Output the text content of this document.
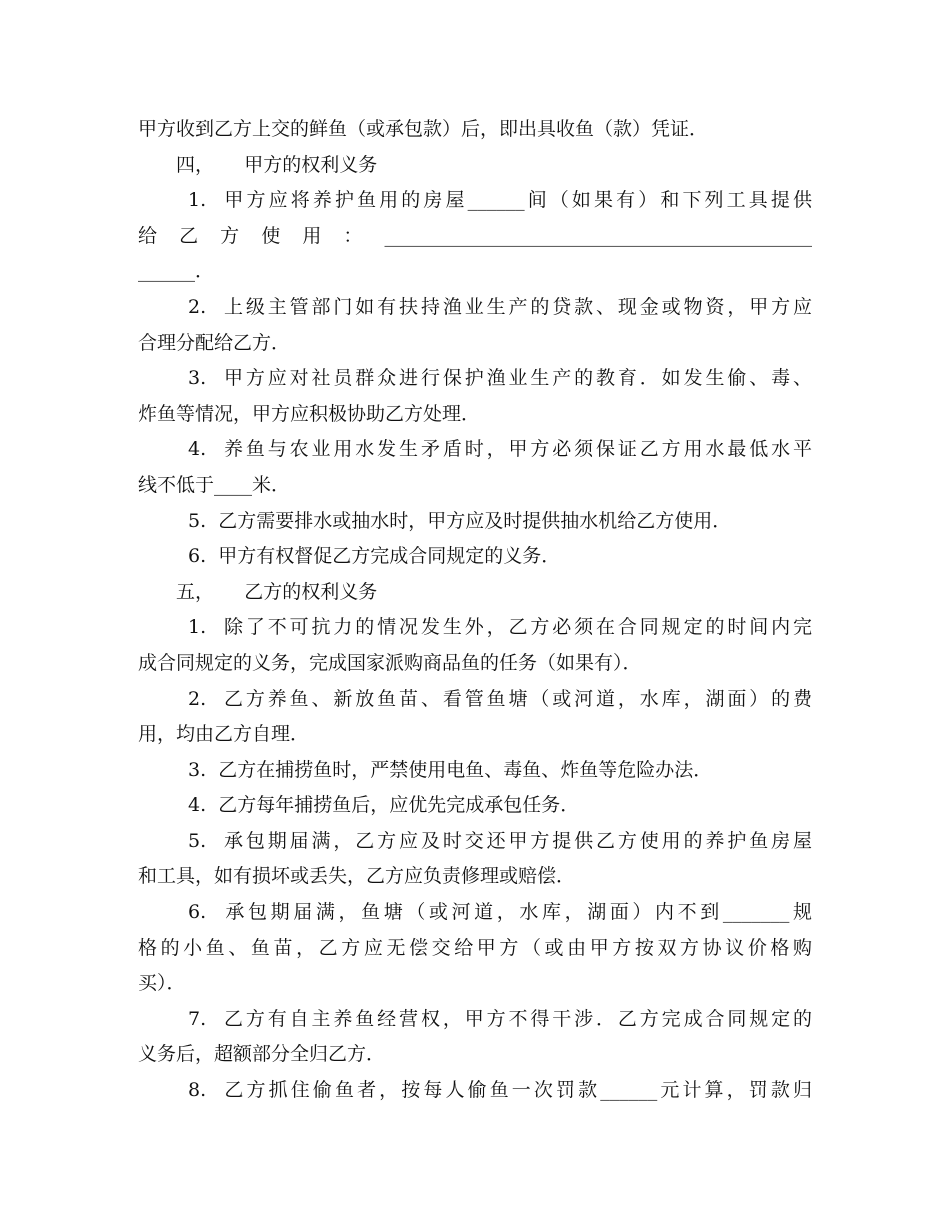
甲方收到乙方上交的鲜鱼（或承包款）后，即出具收鱼（款）凭证．
四，     甲方的权利义务
1.  甲方应将养护鱼用的房屋______间（如果有）和下列工具提供
给乙方使用：_____________________________________________
______．
2.  上级主管部门如有扶持渔业生产的贷款、现金或物资，甲方应
合理分配给乙方．
3.  甲方应对社员群众进行保护渔业生产的教育．如发生偷、毒、
炸鱼等情况，甲方应积极协助乙方处理．
4.  养鱼与农业用水发生矛盾时，甲方必须保证乙方用水最低水平
线不低于____米．
5.  乙方需要排水或抽水时，甲方应及时提供抽水机给乙方使用．
6.  甲方有权督促乙方完成合同规定的义务．
五，     乙方的权利义务
1.  除了不可抗力的情况发生外，乙方必须在合同规定的时间内完
成合同规定的义务，完成国家派购商品鱼的任务（如果有）．
2.  乙方养鱼、新放鱼苗、看管鱼塘（或河道，水库，湖面）的费
用，均由乙方自理．
3.  乙方在捕捞鱼时，严禁使用电鱼、毒鱼、炸鱼等危险办法．
4.  乙方每年捕捞鱼后，应优先完成承包任务．
5.  承包期届满，乙方应及时交还甲方提供乙方使用的养护鱼房屋
和工具，如有损坏或丢失，乙方应负责修理或赔偿．
6.  承包期届满，鱼塘（或河道，水库，湖面）内不到_______规
格的小鱼、鱼苗，乙方应无偿交给甲方（或由甲方按双方协议价格购
买）．
7.  乙方有自主养鱼经营权，甲方不得干涉．乙方完成合同规定的
义务后，超额部分全归乙方．
8.  乙方抓住偷鱼者，按每人偷鱼一次罚款______元计算，罚款归
